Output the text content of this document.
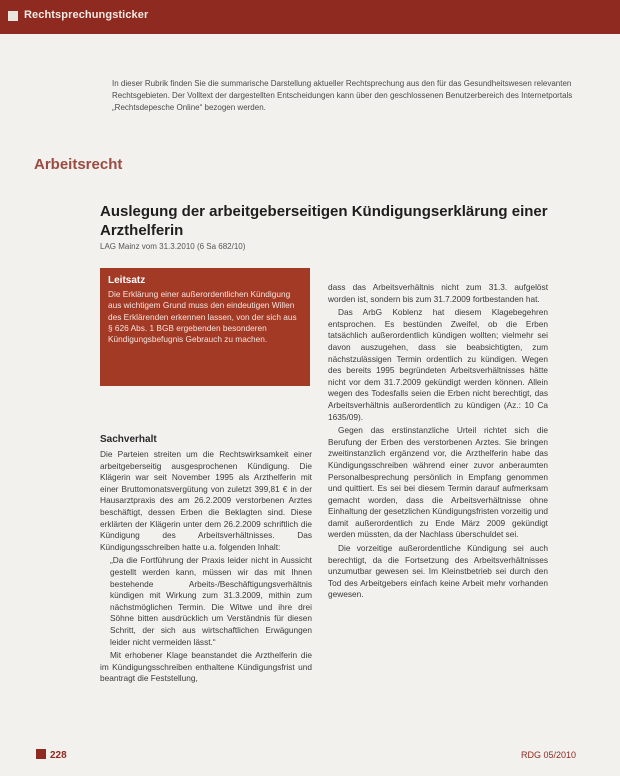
Rechtsprechungsticker
In dieser Rubrik finden Sie die summarische Darstellung aktueller Rechtsprechung aus den für das Gesundheitswesen relevanten Rechtsgebieten. Der Volltext der dargestellten Entscheidungen kann über den geschlossenen Benutzerbereich des Internetportals „Rechtsdepesche Online“ bezogen werden.
Arbeitsrecht
Auslegung der arbeitgeberseitigen Kündigungserklärung einer Arzthelferin
LAG Mainz vom 31.3.2010 (6 Sa 682/10)
Leitsatz
Die Erklärung einer außerordentlichen Kündigung aus wichtigem Grund muss den eindeutigen Willen des Erklärenden erkennen lassen, von der sich aus § 626 Abs. 1 BGB ergebenden besonderen Kündigungsbefugnis Gebrauch zu machen.
Sachverhalt

Die Parteien streiten um die Rechtswirksamkeit einer arbeitgeberseitig ausgesprochenen Kündigung. Die Klägerin war seit November 1995 als Arzthelferin mit einer Bruttomonatsvergütung von zuletzt 399,81 € in der Hausarztpraxis des am 26.2.2009 verstorbenen Arztes beschäftigt, dessen Erben die Beklagten sind. Diese erklärten der Klägerin unter dem 26.2.2009 schriftlich die Kündigung des Arbeitsverhältnisses. Das Kündigungsschreiben hatte u.a. folgenden Inhalt:

„Da die Fortführung der Praxis leider nicht in Aussicht gestellt werden kann, müssen wir das mit Ihnen bestehende Arbeits-/Beschäftigungsverhältnis kündigen mit Wirkung zum 31.3.2009, mithin zum nächstmöglichen Termin. Die Witwe und ihre drei Söhne bitten ausdrücklich um Verständnis für diesen Schritt, der sich aus wirtschaftlichen Erwägungen leider nicht vermeiden lässt.“

Mit erhobener Klage beanstandet die Arzthelferin die im Kündigungsschreiben enthaltene Kündigungsfrist und beantragt die Feststellung,

dass das Arbeitsverhältnis nicht zum 31.3. aufgelöst worden ist, sondern bis zum 31.7.2009 fortbestanden hat.

Das ArbG Koblenz hat diesem Klagebegehren entsprochen. Es bestünden Zweifel, ob die Erben tatsächlich außerordentlich kündigen wollten; vielmehr sei davon auszugehen, dass sie beabsichtigten, zum nächstzulässigen Termin ordentlich zu kündigen. Wegen des bereits 1995 begründeten Arbeitsverhältnisses hätte nicht vor dem 31.7.2009 gekündigt werden können. Allein wegen des Todesfalls seien die Erben nicht berechtigt, das Arbeitsverhältnis außerordentlich zu kündigen (Az.: 10 Ca 1635/09).

Gegen das erstinstanzliche Urteil richtet sich die Berufung der Erben des verstorbenen Arztes. Sie bringen zweitinstanzlich ergänzend vor, die Arzthelferin habe das Kündigungsschreiben während einer zuvor anberaumten Personalbesprechung persönlich in Empfang genommen und quittiert. Es sei bei diesem Termin darauf aufmerksam gemacht worden, dass die Arbeitsverhältnisse ohne Einhaltung der gesetzlichen Kündigungsfristen vorzeitig und damit außerordentlich zu Ende März 2009 gekündigt werden müssten, da der Nachlass überschuldet sei.

Die vorzeitige außerordentliche Kündigung sei auch berechtigt, da die Fortsetzung des Arbeitsverhältnisses unzumutbar gewesen sei. Im Kleinstbetrieb sei durch den Tod des Arbeitgebers einfach keine Arbeit mehr vorhanden gewesen.

228	RDG 05/2010
